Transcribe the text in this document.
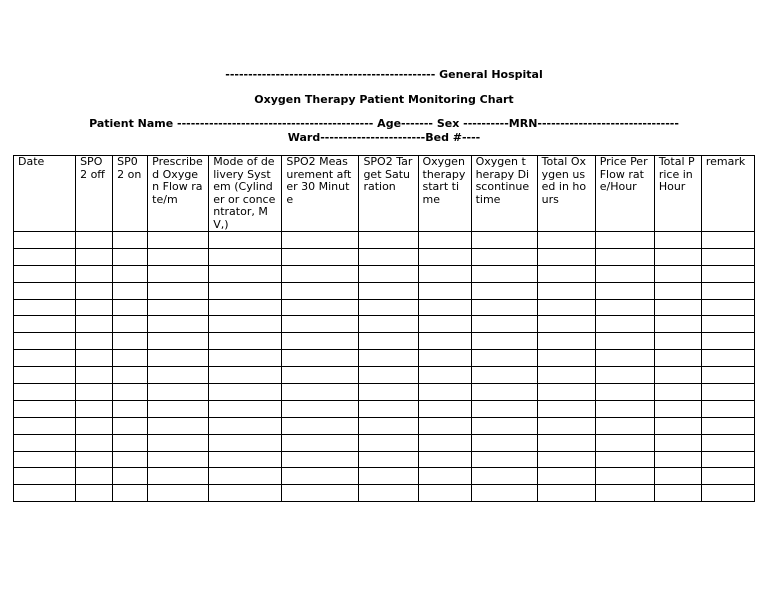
---------------------------------------------- General Hospital
Oxygen Therapy Patient Monitoring Chart
Patient Name ------------------------------------------- Age------- Sex ----------MRN-------------------------------
Ward-----------------------Bed #----
Date	SPO 2 off	SP0 2 on	Prescribed Oxygen Flow rate/m	Mode of delivery System (Cylinder or concentrator, MV,)	SPO2 Measurement after 30 Minute	SPO2 Target Saturation	Oxygen therapy start time	Oxygen therapy Discontinue time	Total Oxygen used in hours	Price Per Flow rate/Hour	Total Price in Hour	remark
